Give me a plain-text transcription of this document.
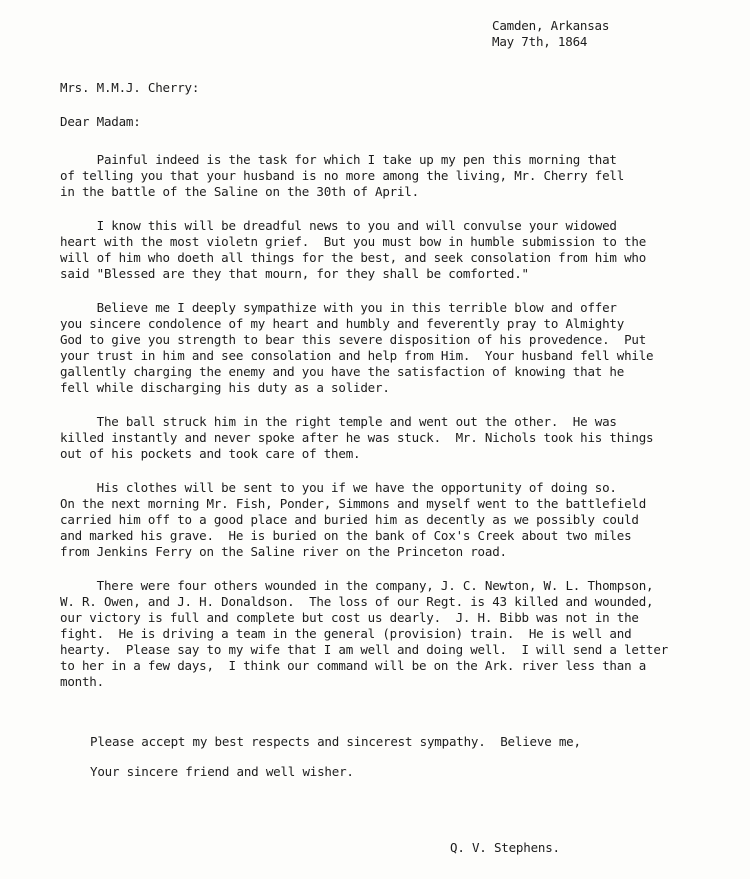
Camden, Arkansas
May 7th, 1864
Mrs. M.M.J. Cherry:
Dear Madam:
Painful indeed is the task for which I take up my pen this morning that
of telling you that your husband is no more among the living, Mr. Cherry fell
in the battle of the Saline on the 30th of April.
I know this will be dreadful news to you and will convulse your widowed
heart with the most violetn grief.  But you must bow in humble submission to the
will of him who doeth all things for the best, and seek consolation from him who
said "Blessed are they that mourn, for they shall be comforted."
Believe me I deeply sympathize with you in this terrible blow and offer
you sincere condolence of my heart and humbly and feverently pray to Almighty
God to give you strength to bear this severe disposition of his provedence.  Put
your trust in him and see consolation and help from Him.  Your husband fell while
gallently charging the enemy and you have the satisfaction of knowing that he
fell while discharging his duty as a solider.
The ball struck him in the right temple and went out the other.  He was
killed instantly and never spoke after he was stuck.  Mr. Nichols took his things
out of his pockets and took care of them.
His clothes will be sent to you if we have the opportunity of doing so.
On the next morning Mr. Fish, Ponder, Simmons and myself went to the battlefield
carried him off to a good place and buried him as decently as we possibly could
and marked his grave.  He is buried on the bank of Cox's Creek about two miles
from Jenkins Ferry on the Saline river on the Princeton road.
There were four others wounded in the company, J. C. Newton, W. L. Thompson,
W. R. Owen, and J. H. Donaldson.  The loss of our Regt. is 43 killed and wounded,
our victory is full and complete but cost us dearly.  J. H. Bibb was not in the
fight.  He is driving a team in the general (provision) train.  He is well and
hearty.  Please say to my wife that I am well and doing well.  I will send a letter
to her in a few days,  I think our command will be on the Ark. river less than a
month.
Please accept my best respects and sincerest sympathy.  Believe me,
Your sincere friend and well wisher.
Q. V. Stephens.
